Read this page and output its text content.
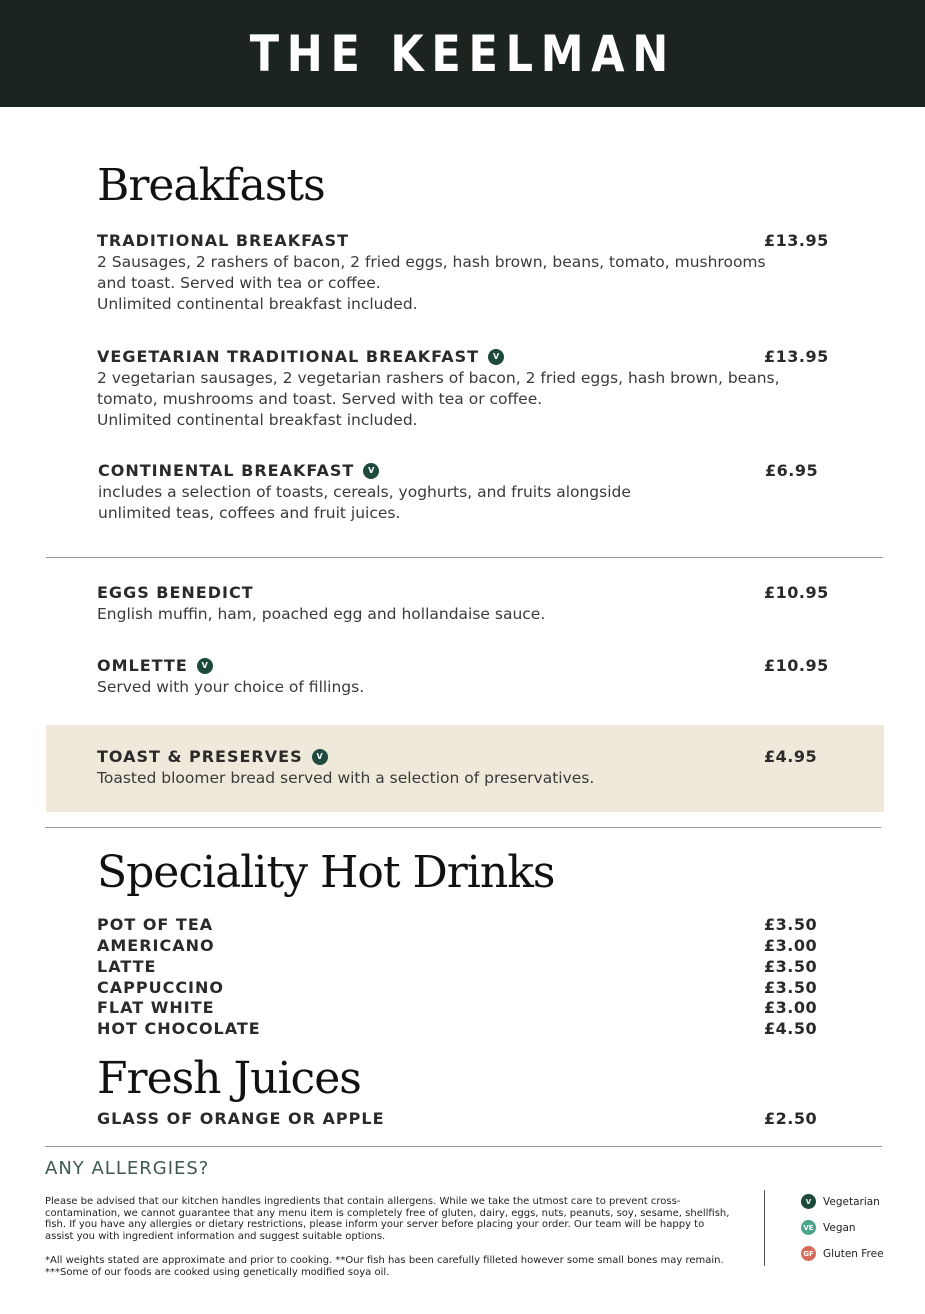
THE KEELMAN
Breakfasts
TRADITIONAL BREAKFAST	£13.95
2 Sausages, 2 rashers of bacon, 2 fried eggs, hash brown, beans, tomato, mushrooms
and toast. Served with tea or coffee.
Unlimited continental breakfast included.
VEGETARIAN TRADITIONAL BREAKFAST	V	£13.95
2 vegetarian sausages, 2 vegetarian rashers of bacon, 2 fried eggs, hash brown, beans,
tomato, mushrooms and toast. Served with tea or coffee.
Unlimited continental breakfast included.
CONTINENTAL BREAKFAST	V	£6.95
includes a selection of toasts, cereals, yoghurts, and fruits alongside
unlimited teas, coffees and fruit juices.
EGGS BENEDICT	£10.95
English muffin, ham, poached egg and hollandaise sauce.
OMLETTE	V	£10.95
Served with your choice of fillings.
TOAST & PRESERVES	V	£4.95
Toasted bloomer bread served with a selection of preservatives.
Speciality Hot Drinks
POT OF TEA	£3.50
AMERICANO	£3.00
LATTE	£3.50
CAPPUCCINO	£3.50
FLAT WHITE	£3.00
HOT CHOCOLATE	£4.50
Fresh Juices
GLASS OF ORANGE OR APPLE	£2.50
ANY ALLERGIES?

Please be advised that our kitchen handles ingredients that contain allergens. While we take the utmost care to prevent cross-contamination, we cannot guarantee that any menu item is completely free of gluten, dairy, eggs, nuts, peanuts, soy, sesame, shellfish, fish. If you have any allergies or dietary restrictions, please inform your server before placing your order. Our team will be happy to assist you with ingredient information and suggest suitable options.

*All weights stated are approximate and prior to cooking. **Our fish has been carefully filleted however some small bones may remain. ***Some of our foods are cooked using genetically modified soya oil.

V	Vegetarian
VE Vegan
GF Gluten Free
